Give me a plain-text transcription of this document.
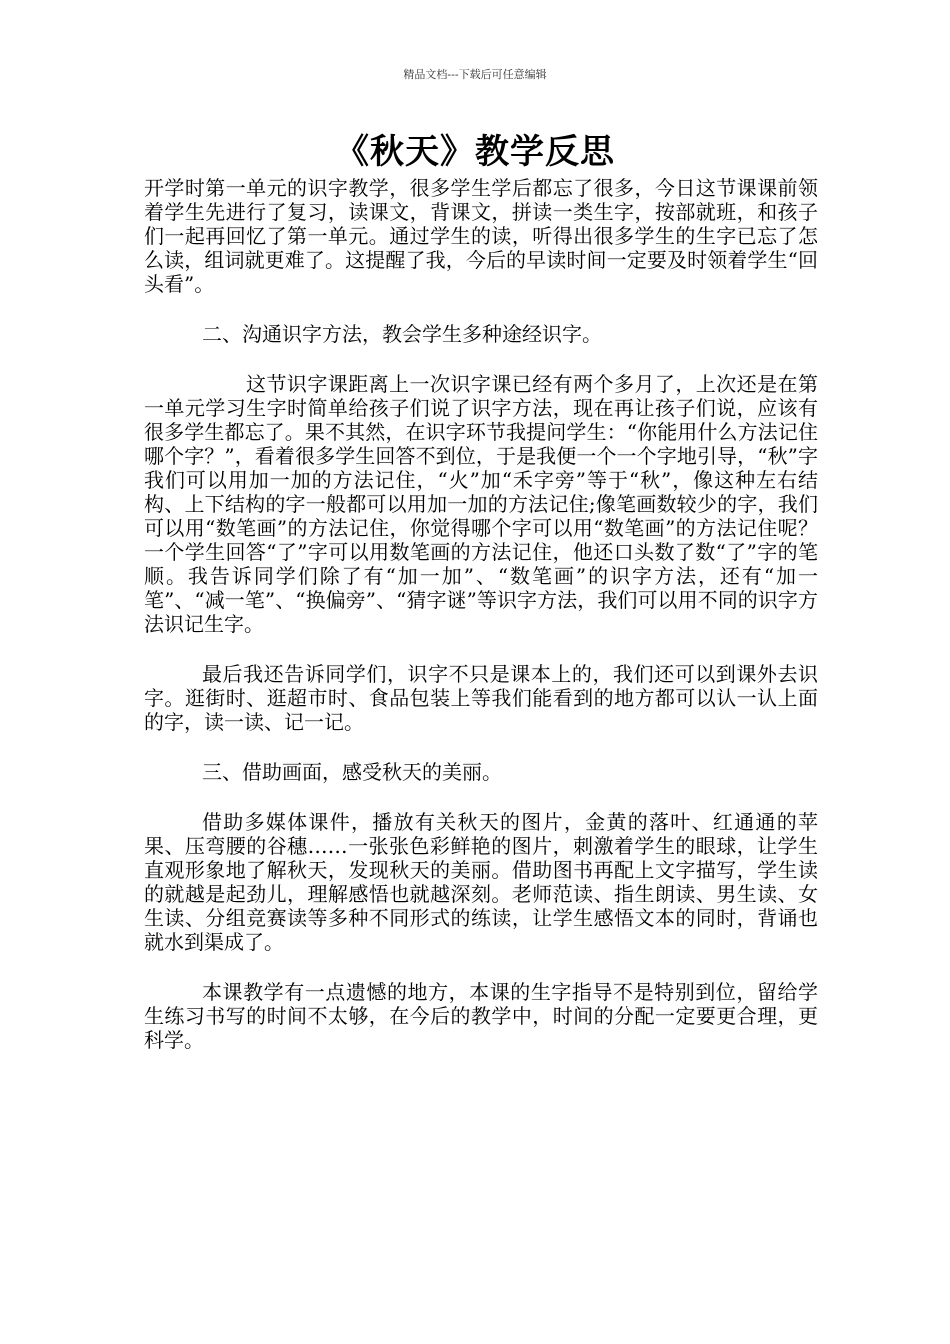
精品文档---下载后可任意编辑

《秋天》教学反思

开学时第一单元的识字教学，很多学生学后都忘了很多，今日这节课课前领着学生先进行了复习，读课文，背课文，拼读一类生字，按部就班，和孩子们一起再回忆了第一单元。通过学生的读，听得出很多学生的生字已忘了怎么读，组词就更难了。这提醒了我，今后的早读时间一定要及时领着学生“回头看”。

二、沟通识字方法，教会学生多种途经识字。

这节识字课距离上一次识字课已经有两个多月了，上次还是在第一单元学习生字时简单给孩子们说了识字方法，现在再让孩子们说，应该有很多学生都忘了。果不其然，在识字环节我提问学生：“你能用什么方法记住哪个字？”，看着很多学生回答不到位，于是我便一个一个字地引导，“秋”字我们可以用加一加的方法记住，“火”加“禾字旁”等于“秋”，像这种左右结构、上下结构的字一般都可以用加一加的方法记住;像笔画数较少的字，我们可以用“数笔画”的方法记住，你觉得哪个字可以用“数笔画”的方法记住呢？一个学生回答“了”字可以用数笔画的方法记住，他还口头数了数“了”字的笔顺。我告诉同学们除了有“加一加”、“数笔画”的识字方法，还有“加一笔”、“减一笔”、“换偏旁”、“猜字谜”等识字方法，我们可以用不同的识字方法识记生字。

最后我还告诉同学们，识字不只是课本上的，我们还可以到课外去识字。逛街时、逛超市时、食品包装上等我们能看到的地方都可以认一认上面的字，读一读、记一记。

三、借助画面，感受秋天的美丽。

借助多媒体课件，播放有关秋天的图片，金黄的落叶、红通通的苹果、压弯腰的谷穗……一张张色彩鲜艳的图片，刺激着学生的眼球，让学生直观形象地了解秋天，发现秋天的美丽。借助图书再配上文字描写，学生读的就越是起劲儿，理解感悟也就越深刻。老师范读、指生朗读、男生读、女生读、分组竞赛读等多种不同形式的练读，让学生感悟文本的同时，背诵也就水到渠成了。

本课教学有一点遗憾的地方，本课的生字指导不是特别到位，留给学生练习书写的时间不太够，在今后的教学中，时间的分配一定要更合理，更科学。
